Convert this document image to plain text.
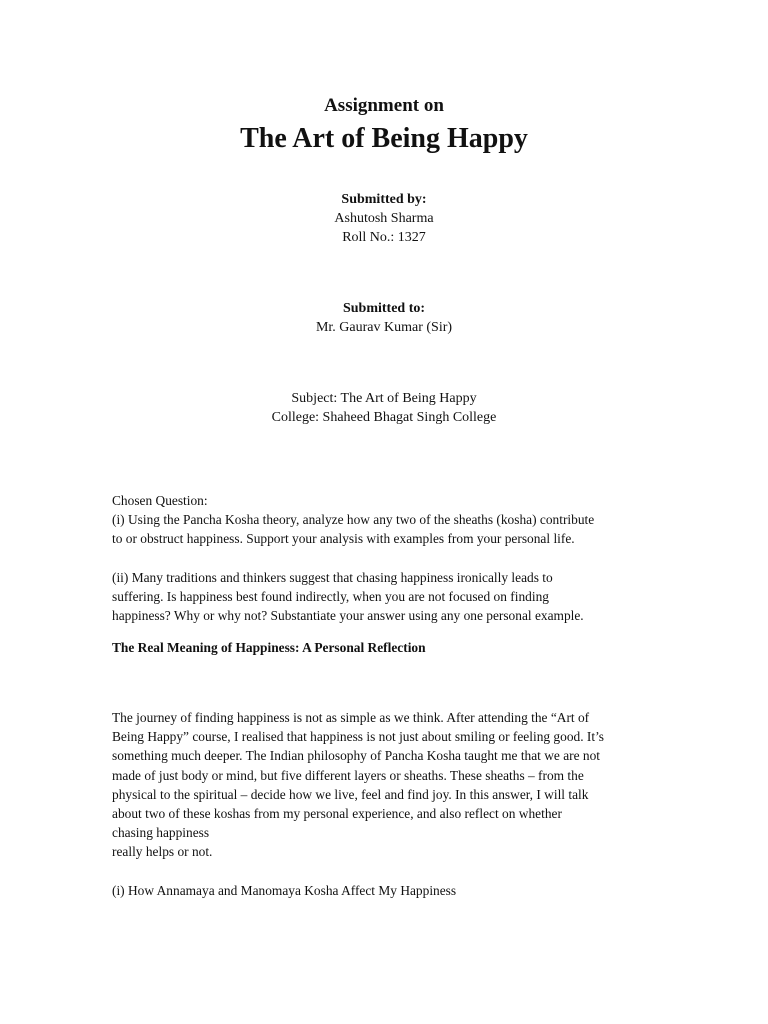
Assignment on
The Art of Being Happy
Submitted by:
Ashutosh Sharma
Roll No.: 1327
Submitted to:
Mr. Gaurav Kumar (Sir)
Subject: The Art of Being Happy
College: Shaheed Bhagat Singh College

Chosen Question:

(i) Using the Pancha Kosha theory, analyze how any two of the sheaths (kosha) contribute

to or obstruct happiness. Support your analysis with examples from your personal life.

(ii) Many traditions and thinkers suggest that chasing happiness ironically leads to

suffering. Is happiness best found indirectly, when you are not focused on finding

happiness? Why or why not? Substantiate your answer using any one personal example.

The Real Meaning of Happiness: A Personal Reflection

The journey of finding happiness is not as simple as we think. After attending the “Art of

Being Happy” course, I realised that happiness is not just about smiling or feeling good. It’s

something much deeper. The Indian philosophy of Pancha Kosha taught me that we are not

made of just body or mind, but five different layers or sheaths. These sheaths – from the

physical to the spiritual – decide how we live, feel and find joy. In this answer, I will talk

about two of these koshas from my personal experience, and also reflect on whether

chasing happiness

really helps or not.

(i) How Annamaya and Manomaya Kosha Affect My Happiness
